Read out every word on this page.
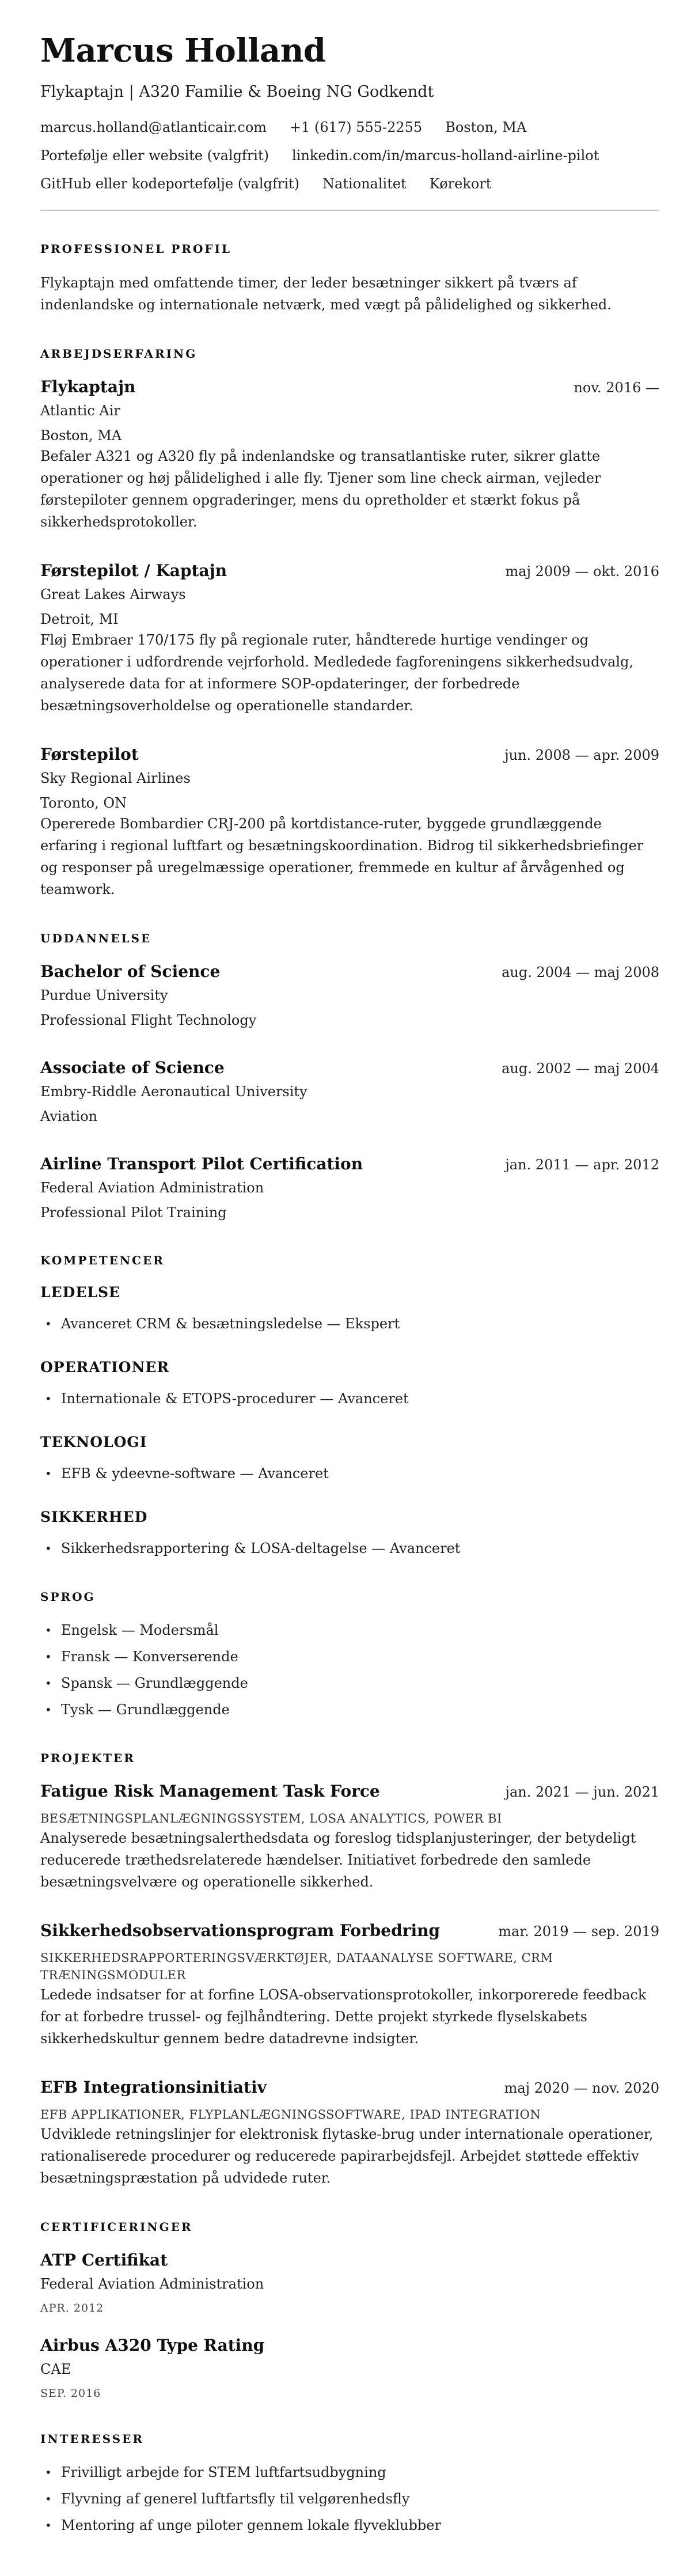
Marcus Holland
Flykaptajn | A320 Familie & Boeing NG Godkendt
marcus.holland@atlanticair.com +1 (617) 555-2255 Boston, MA
Portefølje eller website (valgfrit) linkedin.com/in/marcus-holland-airline-pilot
GitHub eller kodeportefølje (valgfrit) Nationalitet Kørekort
PROFESSIONEL PROFIL

Flykaptajn med omfattende timer, der leder besætninger sikkert på tværs af indenlandske og internationale netværk, med vægt på pålidelighed og sikkerhed.

ARBEJDSERFARING
Flykaptajn	nov. 2016 —
Atlantic Air
Boston, MA

Befaler A321 og A320 fly på indenlandske og transatlantiske ruter, sikrer glatte operationer og høj pålidelighed i alle fly. Tjener som line check airman, vejleder førstepiloter gennem opgraderinger, mens du opretholder et stærkt fokus på sikkerhedsprotokoller.

Førstepilot / Kaptajn	maj 2009 — okt. 2016
Great Lakes Airways
Detroit, MI

Fløj Embraer 170/175 fly på regionale ruter, håndterede hurtige vendinger og operationer i udfordrende vejrforhold. Medledede fagforeningens sikkerhedsudvalg, analyserede data for at informere SOP-opdateringer, der forbedrede besætningsoverholdelse og operationelle standarder.

Førstepilot	jun. 2008 — apr. 2009
Sky Regional Airlines
Toronto, ON

Opererede Bombardier CRJ-200 på kortdistance-ruter, byggede grundlæggende erfaring i regional luftfart og besætningskoordination. Bidrog til sikkerhedsbriefinger og responser på uregelmæssige operationer, fremmede en kultur af årvågenhed og teamwork.

UDDANNELSE
Bachelor of Science	aug. 2004 — maj 2008
Purdue University
Professional Flight Technology
Associate of Science	aug. 2002 — maj 2004
Embry-Riddle Aeronautical University
Aviation
Airline Transport Pilot Certification	jan. 2011 — apr. 2012
Federal Aviation Administration
Professional Pilot Training
KOMPETENCER
LEDELSE
• Avanceret CRM & besætningsledelse — Ekspert
OPERATIONER
• Internationale & ETOPS-procedurer — Avanceret
TEKNOLOGI
• EFB & ydeevne-software — Avanceret
SIKKERHED
• Sikkerhedsrapportering & LOSA-deltagelse — Avanceret
SPROG
• Engelsk — Modersmål
• Fransk — Konverserende
• Spansk — Grundlæggende
• Tysk — Grundlæggende
PROJEKTER
Fatigue Risk Management Task Force	jan. 2021 — jun. 2021
BESÆTNINGSPLANLÆGNINGSSYSTEM, LOSA ANALYTICS, POWER BI

Analyserede besætningsalerthedsdata og foreslog tidsplanjusteringer, der betydeligt reducerede træthedsrelaterede hændelser. Initiativet forbedrede den samlede besætningsvelvære og operationelle sikkerhed.

Sikkerhedsobservationsprogram Forbedring	mar. 2019 — sep. 2019
SIKKERHEDSRAPPORTERINGSVÆRKTØJER, DATAANALYSE SOFTWARE, CRM TRÆNINGSMODULER

Ledede indsatser for at forfine LOSA-observationsprotokoller, inkorporerede feedback for at forbedre trussel- og fejlhåndtering. Dette projekt styrkede flyselskabets sikkerhedskultur gennem bedre datadrevne indsigter.

EFB Integrationsinitiativ	maj 2020 — nov. 2020
EFB APPLIKATIONER, FLYPLANLÆGNINGSSOFTWARE, IPAD INTEGRATION

Udviklede retningslinjer for elektronisk flytaske-brug under internationale operationer, rationaliserede procedurer og reducerede papirarbejdsfejl. Arbejdet støttede effektiv besætningspræstation på udvidede ruter.

CERTIFICERINGER
ATP Certifikat
Federal Aviation Administration
APR. 2012
Airbus A320 Type Rating
CAE
SEP. 2016
INTERESSER
• Frivilligt arbejde for STEM luftfartsudbygning
• Flyvning af generel luftfartsfly til velgørenhedsfly
• Mentoring af unge piloter gennem lokale flyveklubber
